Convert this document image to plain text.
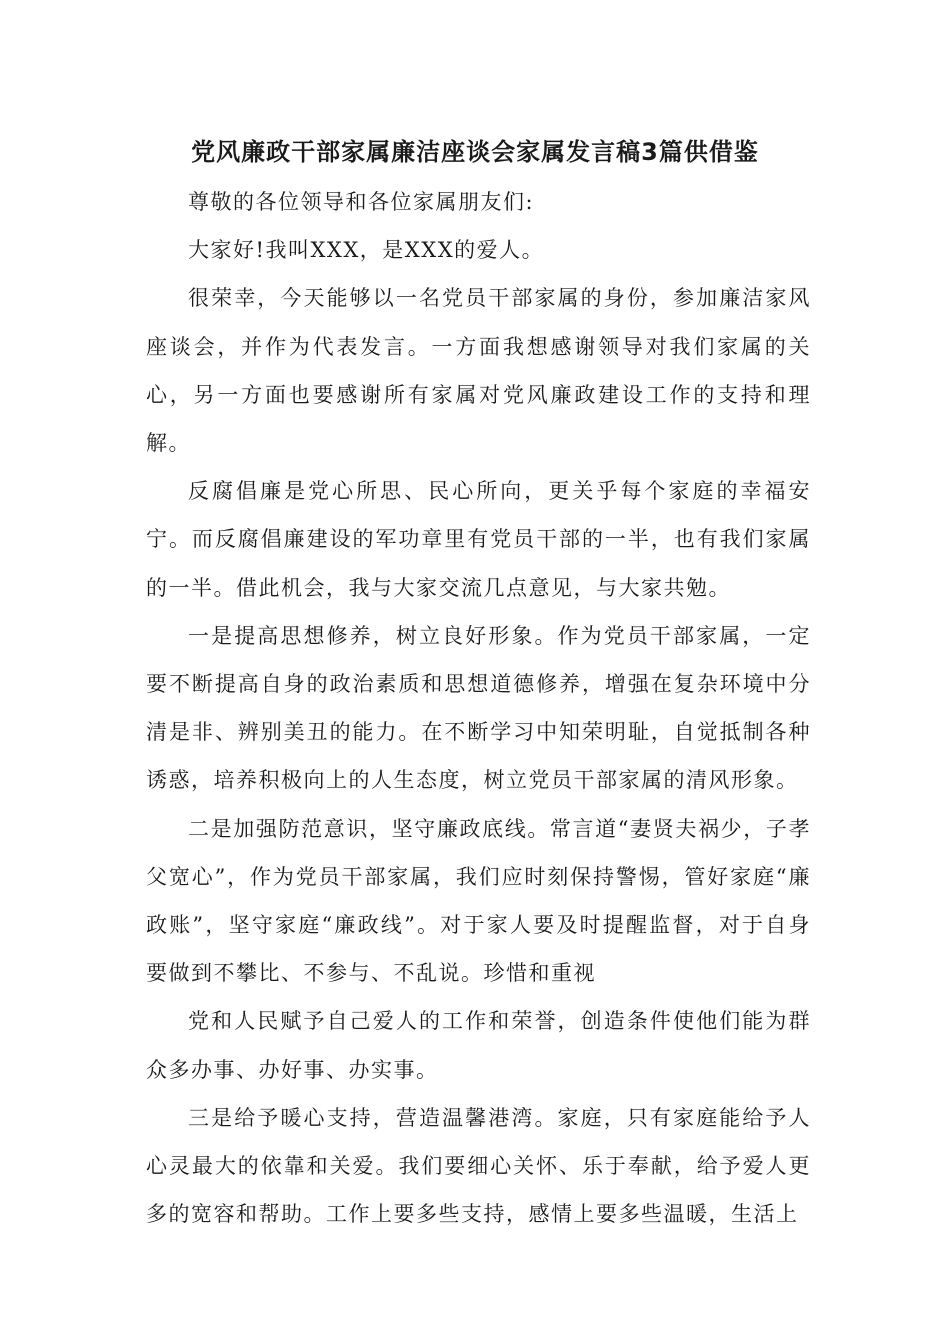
党风廉政干部家属廉洁座谈会家属发言稿3篇供借鉴

尊敬的各位领导和各位家属朋友们:

大家好!我叫XXX，是XXX的爱人。

很荣幸，今天能够以一名党员干部家属的身份，参加廉洁家风座谈会，并作为代表发言。一方面我想感谢领导对我们家属的关心，另一方面也要感谢所有家属对党风廉政建设工作的支持和理解。

反腐倡廉是党心所思、民心所向，更关乎每个家庭的幸福安宁。而反腐倡廉建设的军功章里有党员干部的一半，也有我们家属的一半。借此机会，我与大家交流几点意见，与大家共勉。

一是提高思想修养，树立良好形象。作为党员干部家属，一定要不断提高自身的政治素质和思想道德修养，增强在复杂环境中分清是非、辨别美丑的能力。在不断学习中知荣明耻，自觉抵制各种诱惑，培养积极向上的人生态度，树立党员干部家属的清风形象。

二是加强防范意识，坚守廉政底线。常言道“妻贤夫祸少，子孝父宽心”，作为党员干部家属，我们应时刻保持警惕，管好家庭“廉政账”，坚守家庭“廉政线”。对于家人要及时提醒监督，对于自身要做到不攀比、不参与、不乱说。珍惜和重视

党和人民赋予自己爱人的工作和荣誉，创造条件使他们能为群众多办事、办好事、办实事。

三是给予暖心支持，营造温馨港湾。家庭，只有家庭能给予人心灵最大的依靠和关爱。我们要细心关怀、乐于奉献，给予爱人更多的宽容和帮助。工作上要多些支持，感情上要多些温暖，生活上
